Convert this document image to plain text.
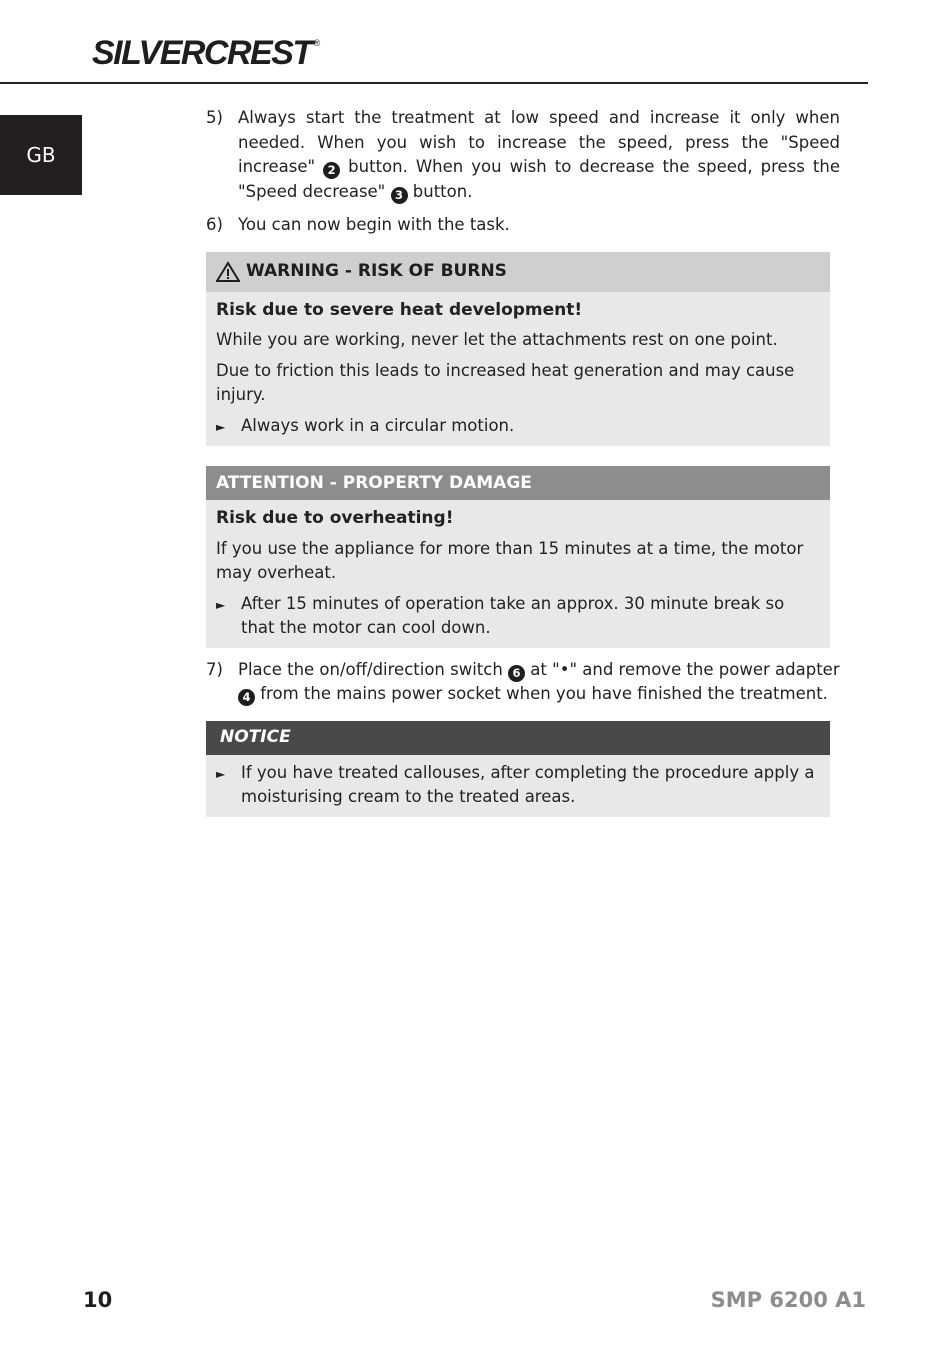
SILVERCREST ®
GB
5) Always start the treatment at low speed and increase it only when needed. When you wish to increase the speed, press the "Speed increase" 2 button. When you wish to decrease the speed, press the "Speed decrease" 3 button.
6) You can now begin with the task.
WARNING - RISK OF BURNS

Risk due to severe heat development!

While you are working, never let the attachments rest on one point.

Due to friction this leads to increased heat generation and may cause injury.

► Always work in a circular motion.
ATTENTION - PROPERTY DAMAGE

Risk due to overheating!

If you use the appliance for more than 15 minutes at a time, the motor may overheat.

► After 15 minutes of operation take an approx. 30 minute break so that the motor can cool down.
7) Place the on/off/direction switch 6 at "•" and remove the power adapter 4 from the mains power socket when you have finished the treatment.
NOTICE
► If you have treated callouses, after completing the procedure apply a moisturising cream to the treated areas.
10	SMP 6200 A1
